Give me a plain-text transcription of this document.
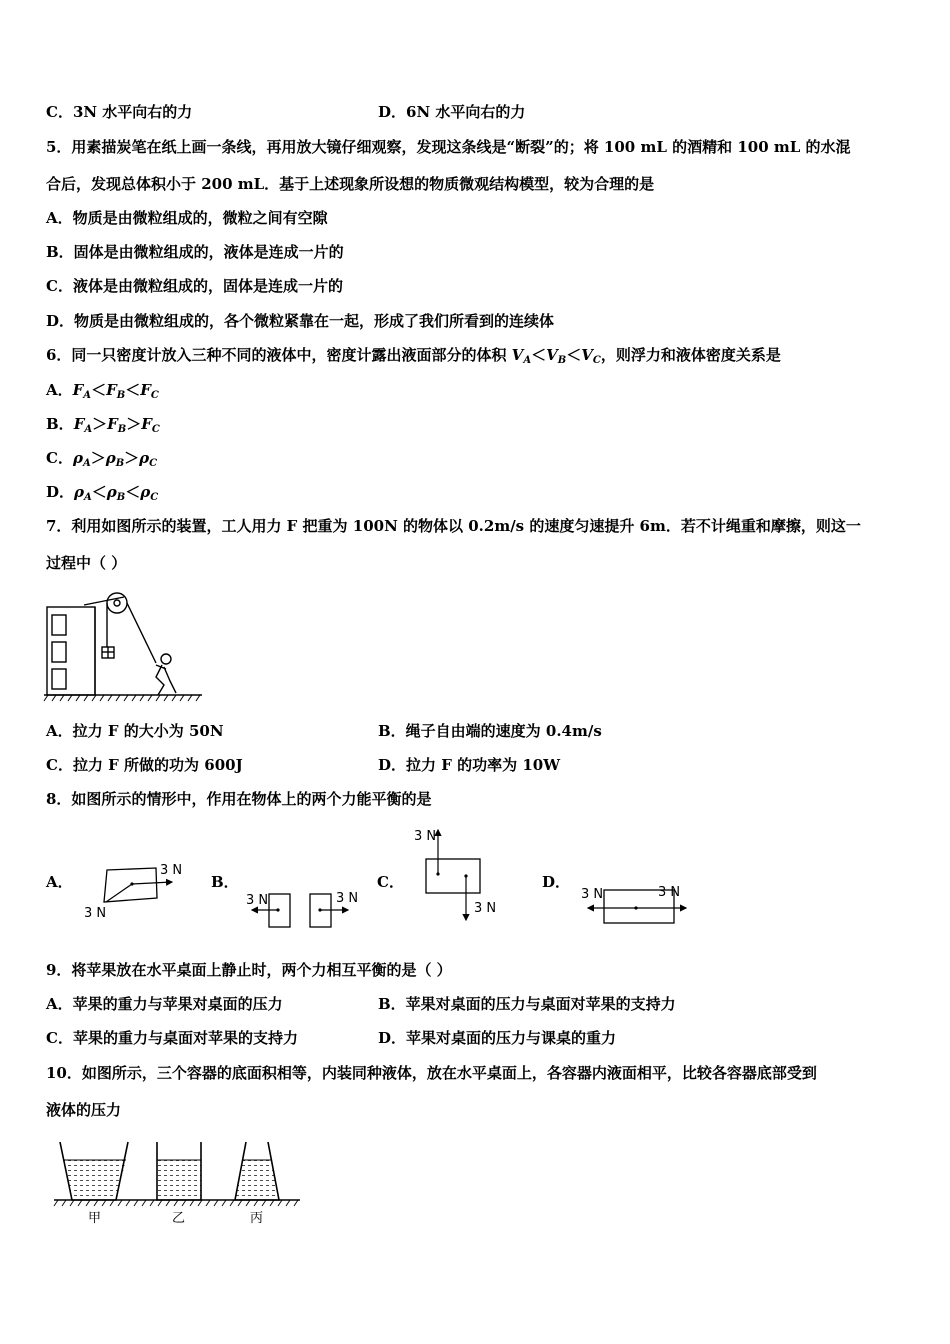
C．3N 水平向右的力	D．6N 水平向右的力
5．用素描炭笔在纸上画一条线，再用放大镜仔细观察，发现这条线是“断裂”的；将 100 mL 的酒精和 100 mL 的水混
合后，发现总体积小于 200 mL．基于上述现象所设想的物质微观结构模型，较为合理的是
A．物质是由微粒组成的，微粒之间有空隙
B．固体是由微粒组成的，液体是连成一片的
C．液体是由微粒组成的，固体是连成一片的
D．物质是由微粒组成的，各个微粒紧靠在一起，形成了我们所看到的连续体
6．同一只密度计放入三种不同的液体中，密度计露出液面部分的体积 $V_A<V_B<V_C$，则浮力和液体密度关系是
A．$F_A<F_B<F_C$
B．$F_A>F_B>F_C$
C．$\rho_A>\rho_B>\rho_C$
D．$\rho_A<\rho_B<\rho_C$
7．利用如图所示的装置，工人用力 F 把重为 100N 的物体以 0.2m/s 的速度匀速提升 6m．若不计绳重和摩擦，则这一
过程中（ ）
A．拉力 F 的大小为 50N	B．绳子自由端的速度为 0.4m/s
C．拉力 F 所做的功为 600J	D．拉力 F 的功率为 10W
8．如图所示的情形中，作用在物体上的两个力能平衡的是
A．
3 N
3 N
B．
3 N	3 N
C．
3 N
3 N
D．
3 N	3 N
9．将苹果放在水平桌面上静止时，两个力相互平衡的是（ ）
A．苹果的重力与苹果对桌面的压力	B．苹果对桌面的压力与桌面对苹果的支持力
C．苹果的重力与桌面对苹果的支持力	D．苹果对桌面的压力与课桌的重力
10．如图所示，三个容器的底面积相等，内装同种液体，放在水平桌面上，各容器内液面相平，比较各容器底部受到
液体的压力
甲	乙	丙
